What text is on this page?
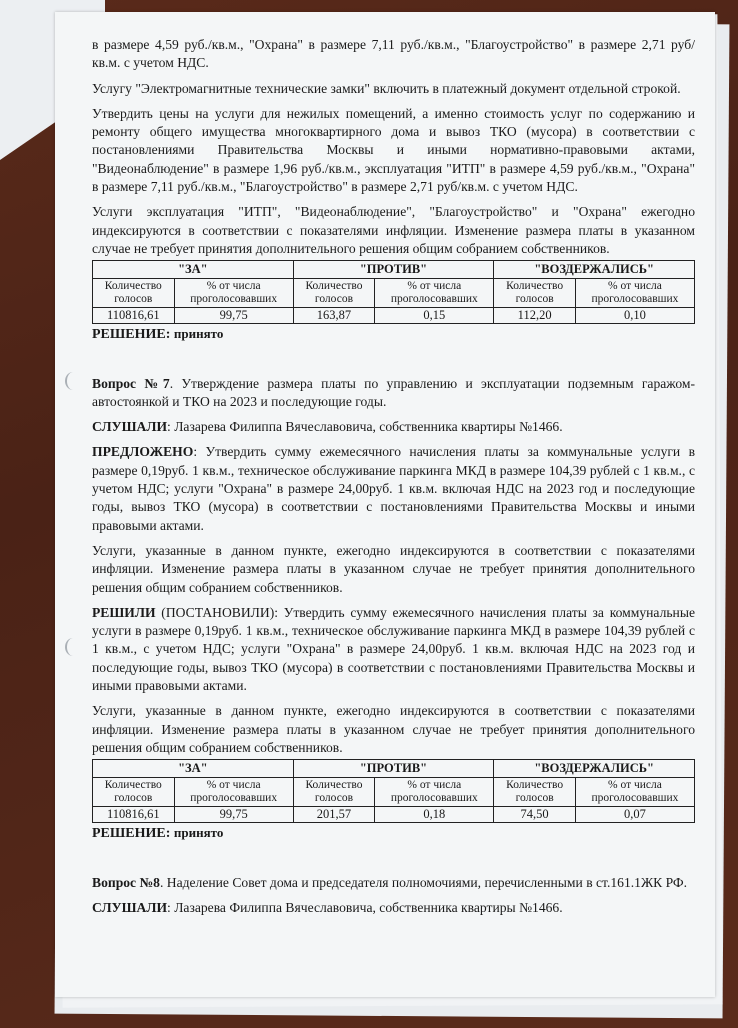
в размере 4,59 руб./кв.м., "Охрана" в размере 7,11 руб./кв.м., "Благоустройство" в размере 2,71 руб/кв.м. с учетом НДС.

Услугу "Электромагнитные технические замки" включить в платежный документ отдельной строкой.

Утвердить цены на услуги для нежилых помещений, а именно стоимость услуг по содержанию и ремонту общего имущества многоквартирного дома и вывоз ТКО (мусора) в соответствии с постановлениями Правительства Москвы и иными нормативно-правовыми актами, "Видеонаблюдение" в размере 1,96 руб./кв.м., эксплуатация "ИТП" в размере 4,59 руб./кв.м., "Охрана" в размере 7,11 руб./кв.м., "Благоустройство" в размере 2,71 руб/кв.м. с учетом НДС.

Услуги эксплуатация "ИТП", "Видеонаблюдение", "Благоустройство" и "Охрана" ежегодно индексируются в соответствии с показателями инфляции. Изменение размера платы в указанном случае не требует принятия дополнительного решения общим собранием собственников.

"ЗА"		"ПРОТИВ"		"ВОЗДЕРЖАЛИСЬ"	
Количество голосов	% от числа проголосовавших	Количество голосов	% от числа проголосовавших	Количество голосов	% от числа проголосовавших
110816,61	99,75	163,87	0,15	112,20	0,10
РЕШЕНИЕ: принято

Вопрос №7. Утверждение размера платы по управлению и эксплуатации подземным гаражом-автостоянкой и ТКО на 2023 и последующие годы.

СЛУШАЛИ: Лазарева Филиппа Вячеславовича, собственника квартиры №1466.

ПРЕДЛОЖЕНО: Утвердить сумму ежемесячного начисления платы за коммунальные услуги в размере 0,19руб. 1 кв.м., техническое обслуживание паркинга МКД в размере 104,39 рублей с 1 кв.м., с учетом НДС; услуги "Охрана" в размере 24,00руб. 1 кв.м. включая НДС на 2023 год и последующие годы, вывоз ТКО (мусора) в соответствии с постановлениями Правительства Москвы и иными правовыми актами.

Услуги, указанные в данном пункте, ежегодно индексируются в соответствии с показателями инфляции. Изменение размера платы в указанном случае не требует принятия дополнительного решения общим собранием собственников.

РЕШИЛИ (ПОСТАНОВИЛИ): Утвердить сумму ежемесячного начисления платы за коммунальные услуги в размере 0,19руб. 1 кв.м., техническое обслуживание паркинга МКД в размере 104,39 рублей с 1 кв.м., с учетом НДС; услуги "Охрана" в размере 24,00руб. 1 кв.м. включая НДС на 2023 год и последующие годы, вывоз ТКО (мусора) в соответствии с постановлениями Правительства Москвы и иными правовыми актами.

Услуги, указанные в данном пункте, ежегодно индексируются в соответствии с показателями инфляции. Изменение размера платы в указанном случае не требует принятия дополнительного решения общим собранием собственников.

"ЗА"		"ПРОТИВ"		"ВОЗДЕРЖАЛИСЬ"	
Количество голосов	% от числа проголосовавших	Количество голосов	% от числа проголосовавших	Количество голосов	% от числа проголосовавших
110816,61	99,75	201,57	0,18	74,50	0,07
РЕШЕНИЕ: принято

Вопрос №8. Наделение Совет дома и председателя полномочиями, перечисленными в ст.161.1ЖК РФ.

СЛУШАЛИ: Лазарева Филиппа Вячеславовича, собственника квартиры №1466.
